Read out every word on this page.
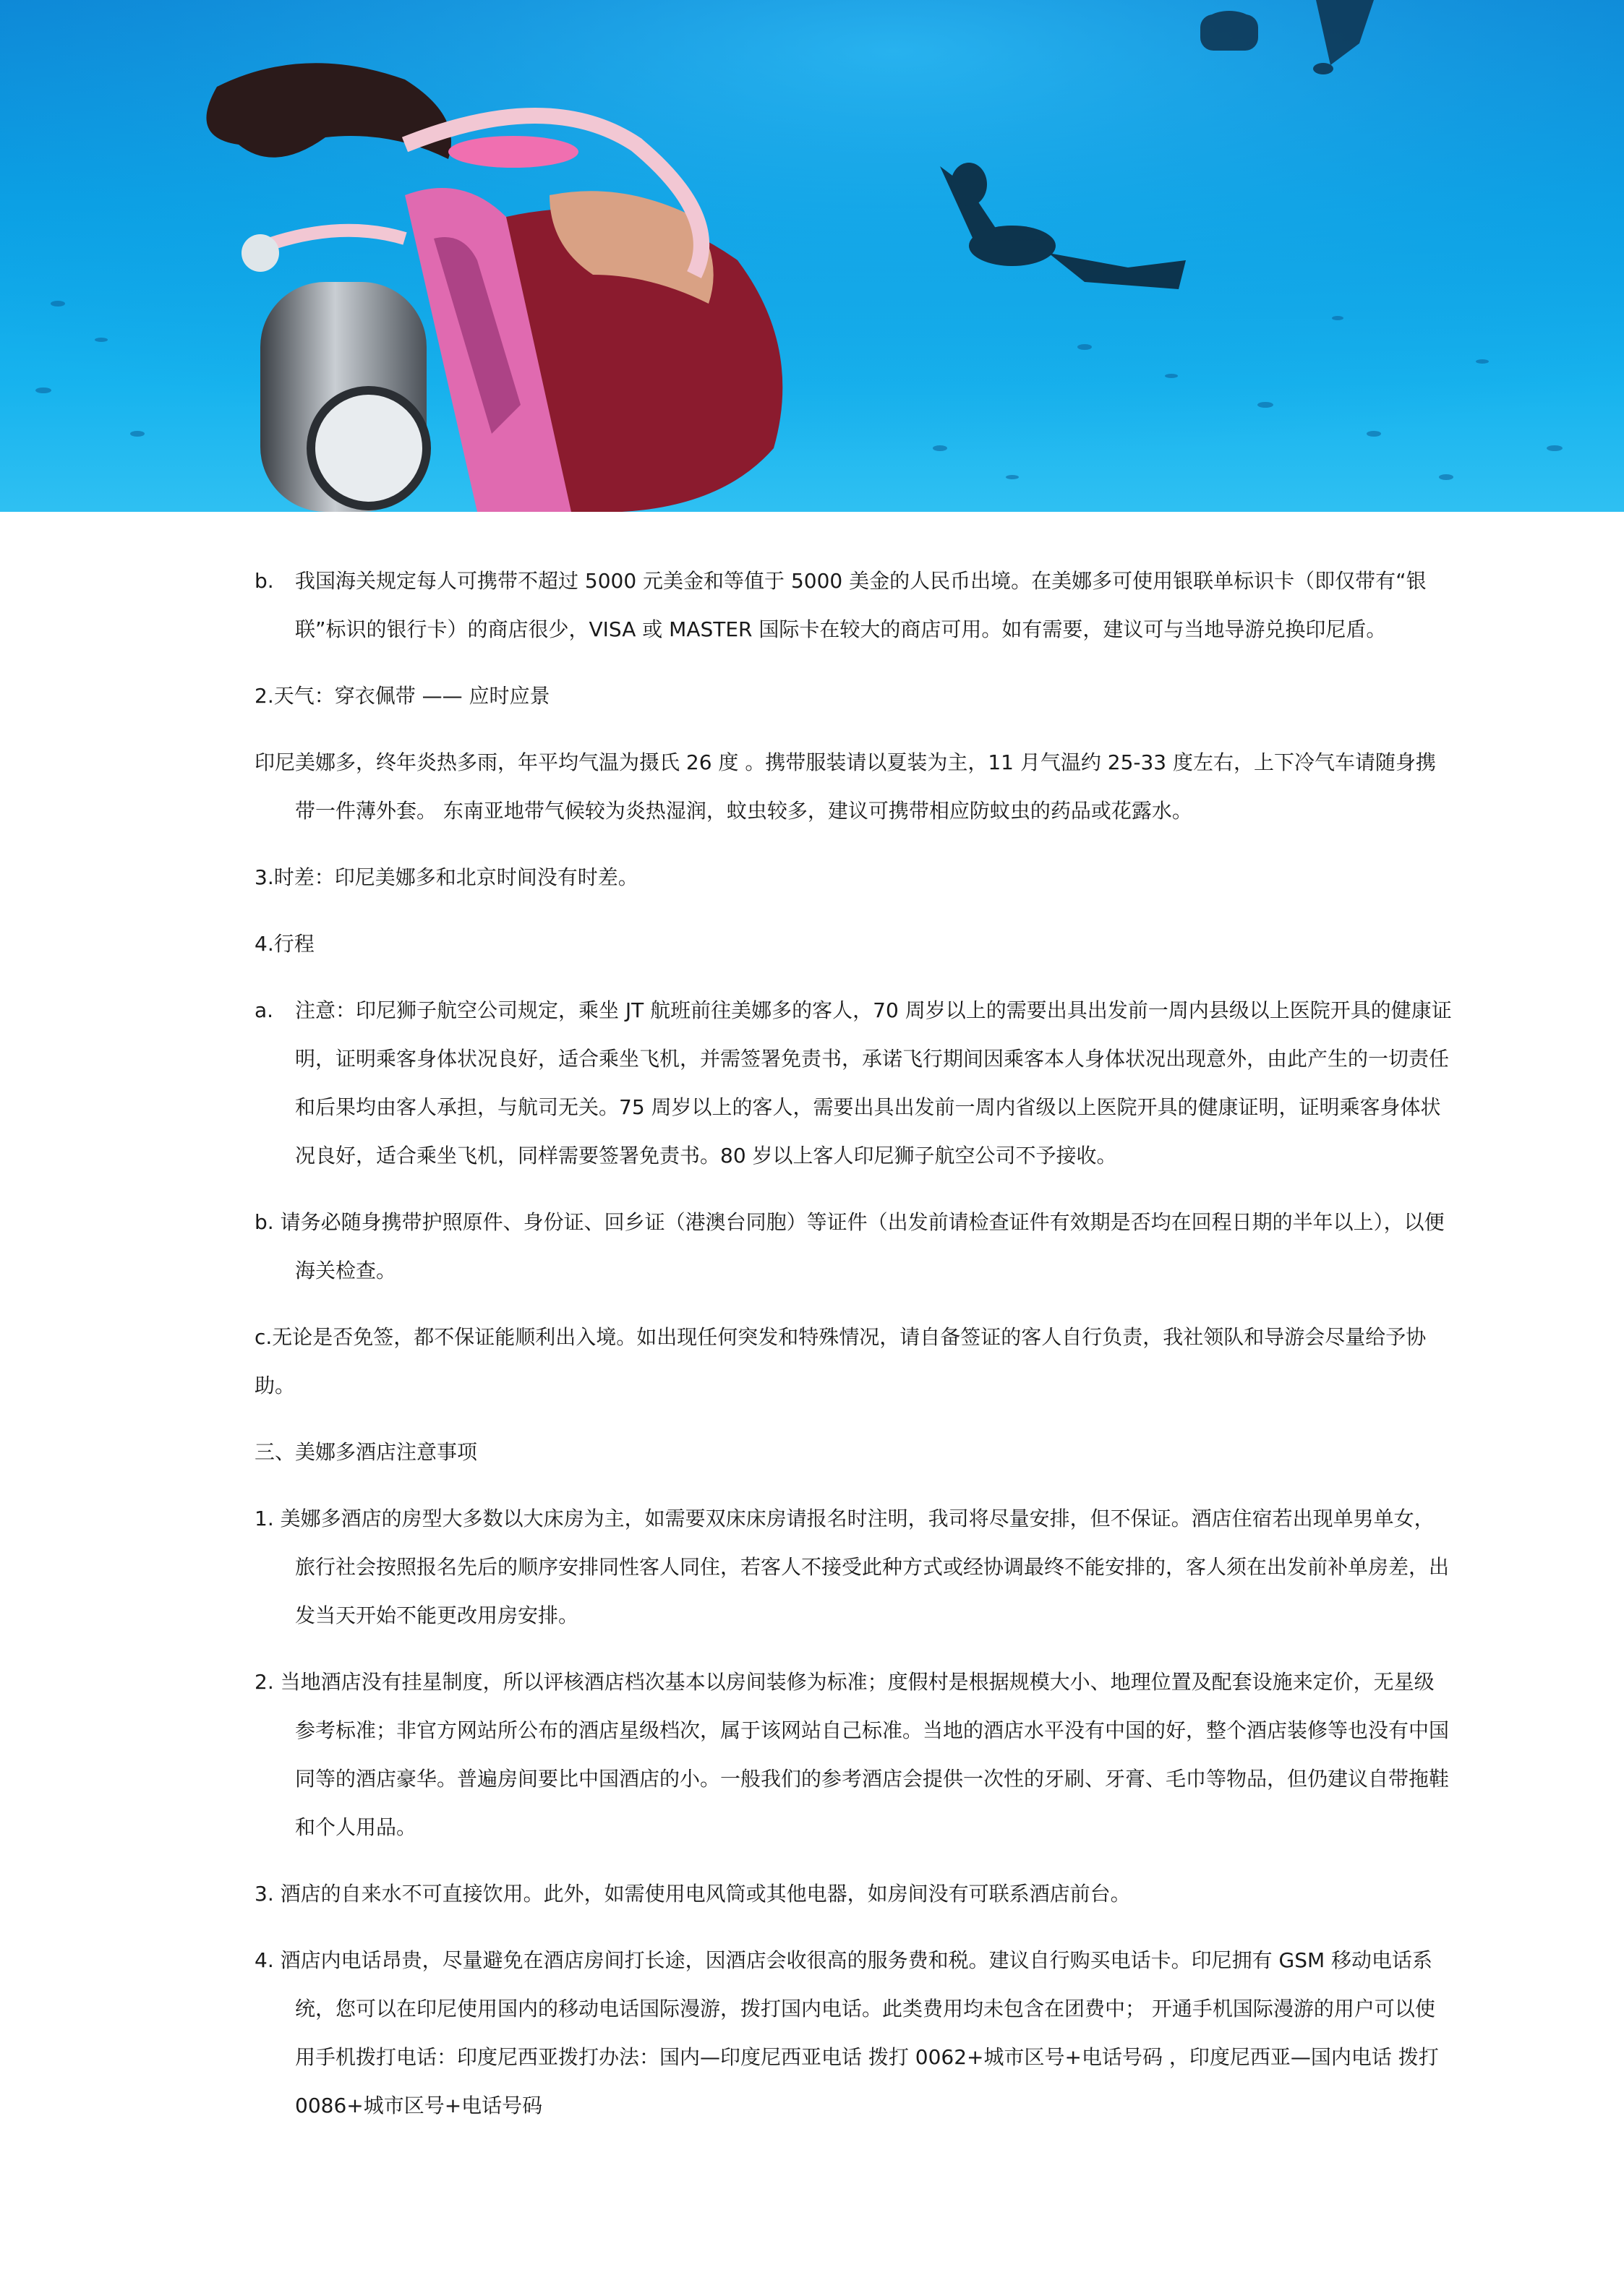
b. 我国海关规定每人可携带不超过 5000 元美金和等值于 5000 美金的人民币出境。在美娜多可使用银联单标识卡（即仅带有“银联”标识的银行卡）的商店很少，VISA 或 MASTER 国际卡在较大的商店可用。如有需要，建议可与当地导游兑换印尼盾。

2.天气：穿衣佩带 —— 应时应景

印尼美娜多，终年炎热多雨，年平均气温为摄氏 26 度 。携带服装请以夏装为主，11 月气温约 25-33 度左右，上下冷气车请随身携带一件薄外套。 东南亚地带气候较为炎热湿润，蚊虫较多，建议可携带相应防蚊虫的药品或花露水。

3.时差：印尼美娜多和北京时间没有时差。

4.行程

a. 注意：印尼狮子航空公司规定，乘坐 JT 航班前往美娜多的客人，70 周岁以上的需要出具出发前一周内县级以上医院开具的健康证明，证明乘客身体状况良好，适合乘坐飞机，并需签署免责书，承诺飞行期间因乘客本人身体状况出现意外，由此产生的一切责任和后果均由客人承担，与航司无关。75 周岁以上的客人，需要出具出发前一周内省级以上医院开具的健康证明，证明乘客身体状况良好，适合乘坐飞机，同样需要签署免责书。80 岁以上客人印尼狮子航空公司不予接收。

b. 请务必随身携带护照原件、身份证、回乡证（港澳台同胞）等证件（出发前请检查证件有效期是否均在回程日期的半年以上），以便海关检查。

c.无论是否免签，都不保证能顺利出入境。如出现任何突发和特殊情况，请自备签证的客人自行负责，我社领队和导游会尽量给予协助。

三、美娜多酒店注意事项

1. 美娜多酒店的房型大多数以大床房为主，如需要双床床房请报名时注明，我司将尽量安排，但不保证。酒店住宿若出现单男单女，旅行社会按照报名先后的顺序安排同性客人同住，若客人不接受此种方式或经协调最终不能安排的，客人须在出发前补单房差，出发当天开始不能更改用房安排。

2. 当地酒店没有挂星制度，所以评核酒店档次基本以房间装修为标准；度假村是根据规模大小、地理位置及配套设施来定价，无星级参考标准；非官方网站所公布的酒店星级档次，属于该网站自己标准。当地的酒店水平没有中国的好，整个酒店装修等也没有中国同等的酒店豪华。普遍房间要比中国酒店的小。一般我们的参考酒店会提供一次性的牙刷、牙膏、毛巾等物品，但仍建议自带拖鞋和个人用品。

3. 酒店的自来水不可直接饮用。此外，如需使用电风筒或其他电器，如房间没有可联系酒店前台。

4. 酒店内电话昂贵，尽量避免在酒店房间打长途，因酒店会收很高的服务费和税。建议自行购买电话卡。印尼拥有 GSM 移动电话系统，您可以在印尼使用国内的移动电话国际漫游，拨打国内电话。此类费用均未包含在团费中； 开通手机国际漫游的用户可以使用手机拨打电话：印度尼西亚拨打办法：国内—印度尼西亚电话 拨打 0062+城市区号+电话号码 ，印度尼西亚—国内电话 拨打 0086+城市区号+电话号码
